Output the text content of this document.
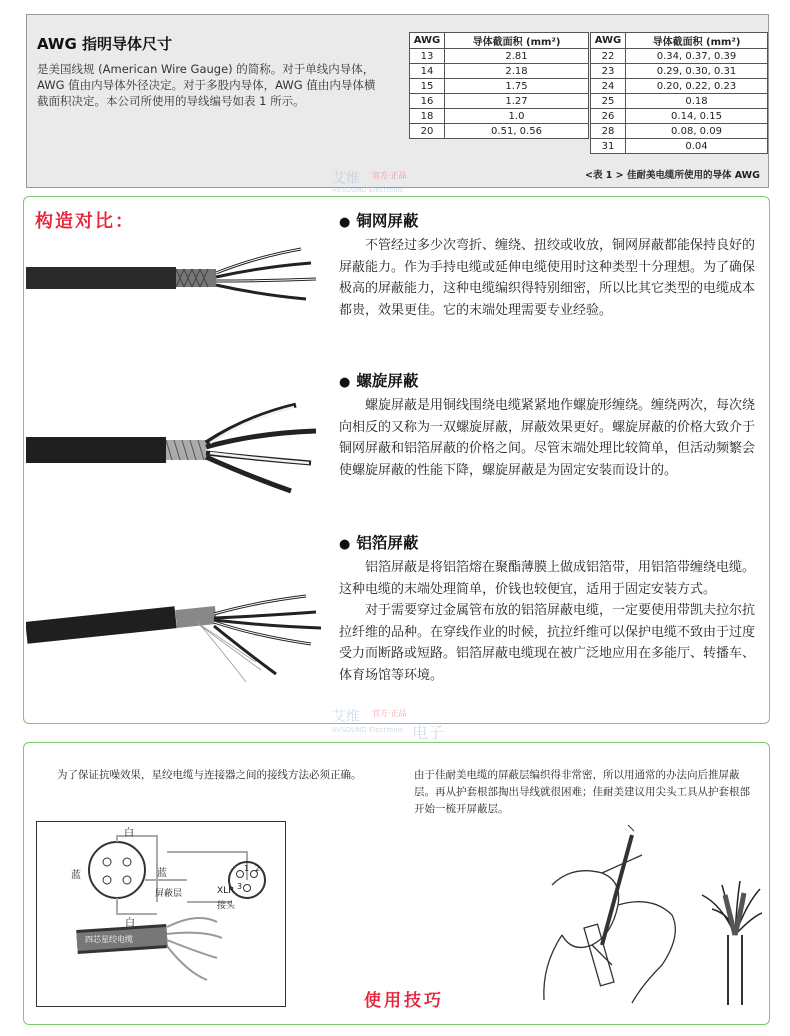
AWG 指明导体尺寸
是美国线规 (American Wire Gauge) 的简称。对于单线内导体，AWG 值由内导体外径决定。对于多股内导体，AWG 值由内导体横截面积决定。本公司所使用的导线编号如表 1 所示。
AWG	导体截面积 (mm²)
13	2.81
14	2.18
15	1.75
16	1.27
18	1.0
20	0.51, 0.56
AWG	导体截面积 (mm²)
22	0.34, 0.37, 0.39
23	0.29, 0.30, 0.31
24	0.20, 0.22, 0.23
25	0.18
26	0.14, 0.15
28	0.08, 0.09
31	0.04
<表 1 > 佳耐美电缆所使用的导体 AWG
艾维 官方·正品
AVSOUND Electronic
构造对比：	● 铜网屏蔽

不管经过多少次弯折、缠绕、扭绞或收放，铜网屏蔽都能保持良好的屏蔽能力。作为手持电缆或延伸电缆使用时这种类型十分理想。为了确保极高的屏蔽能力，这种电缆编织得特别细密，所以比其它类型的电缆成本都贵，效果更佳。它的末端处理需要专业经验。

● 螺旋屏蔽

螺旋屏蔽是用铜线围绕电缆紧紧地作螺旋形缠绕。缠绕两次，每次绕向相反的又称为一双螺旋屏蔽，屏蔽效果更好。螺旋屏蔽的价格大致介于铜网屏蔽和铝箔屏蔽的价格之间。尽管末端处理比较简单，但活动频繁会使螺旋屏蔽的性能下降，螺旋屏蔽是为固定安装而设计的。

● 铝箔屏蔽

铝箔屏蔽是将铝箔熔在聚酯薄膜上做成铝箔带，用铝箔带缠绕电缆。这种电缆的末端处理简单，价钱也较便宜，适用于固定安装方式。

对于需要穿过金属管布放的铝箔屏蔽电缆，一定要使用带凯夫拉尔抗拉纤维的品种。在穿线作业的时候，抗拉纤维可以保护电缆不致由于过度受力而断路或短路。铝箔屏蔽电缆现在被广泛地应用在多能厅、转播车、体育场馆等环境。

艾维 官方·正品
AVSOUND Electronic 电子
为了保证抗噪效果，星绞电缆与连接器之间的接线方法必须正确。	由于佳耐美电缆的屏蔽层编织得非常密，所以用通常的办法向后推屏蔽层。再从护套根部掏出导线就很困难；佳耐美建议用尖头工具从护套根部开始一梳开屏蔽层。
白
蓝
白
蓝
屏蔽层	XLR
接头
1 2
3
四芯星绞电缆
使用技巧
